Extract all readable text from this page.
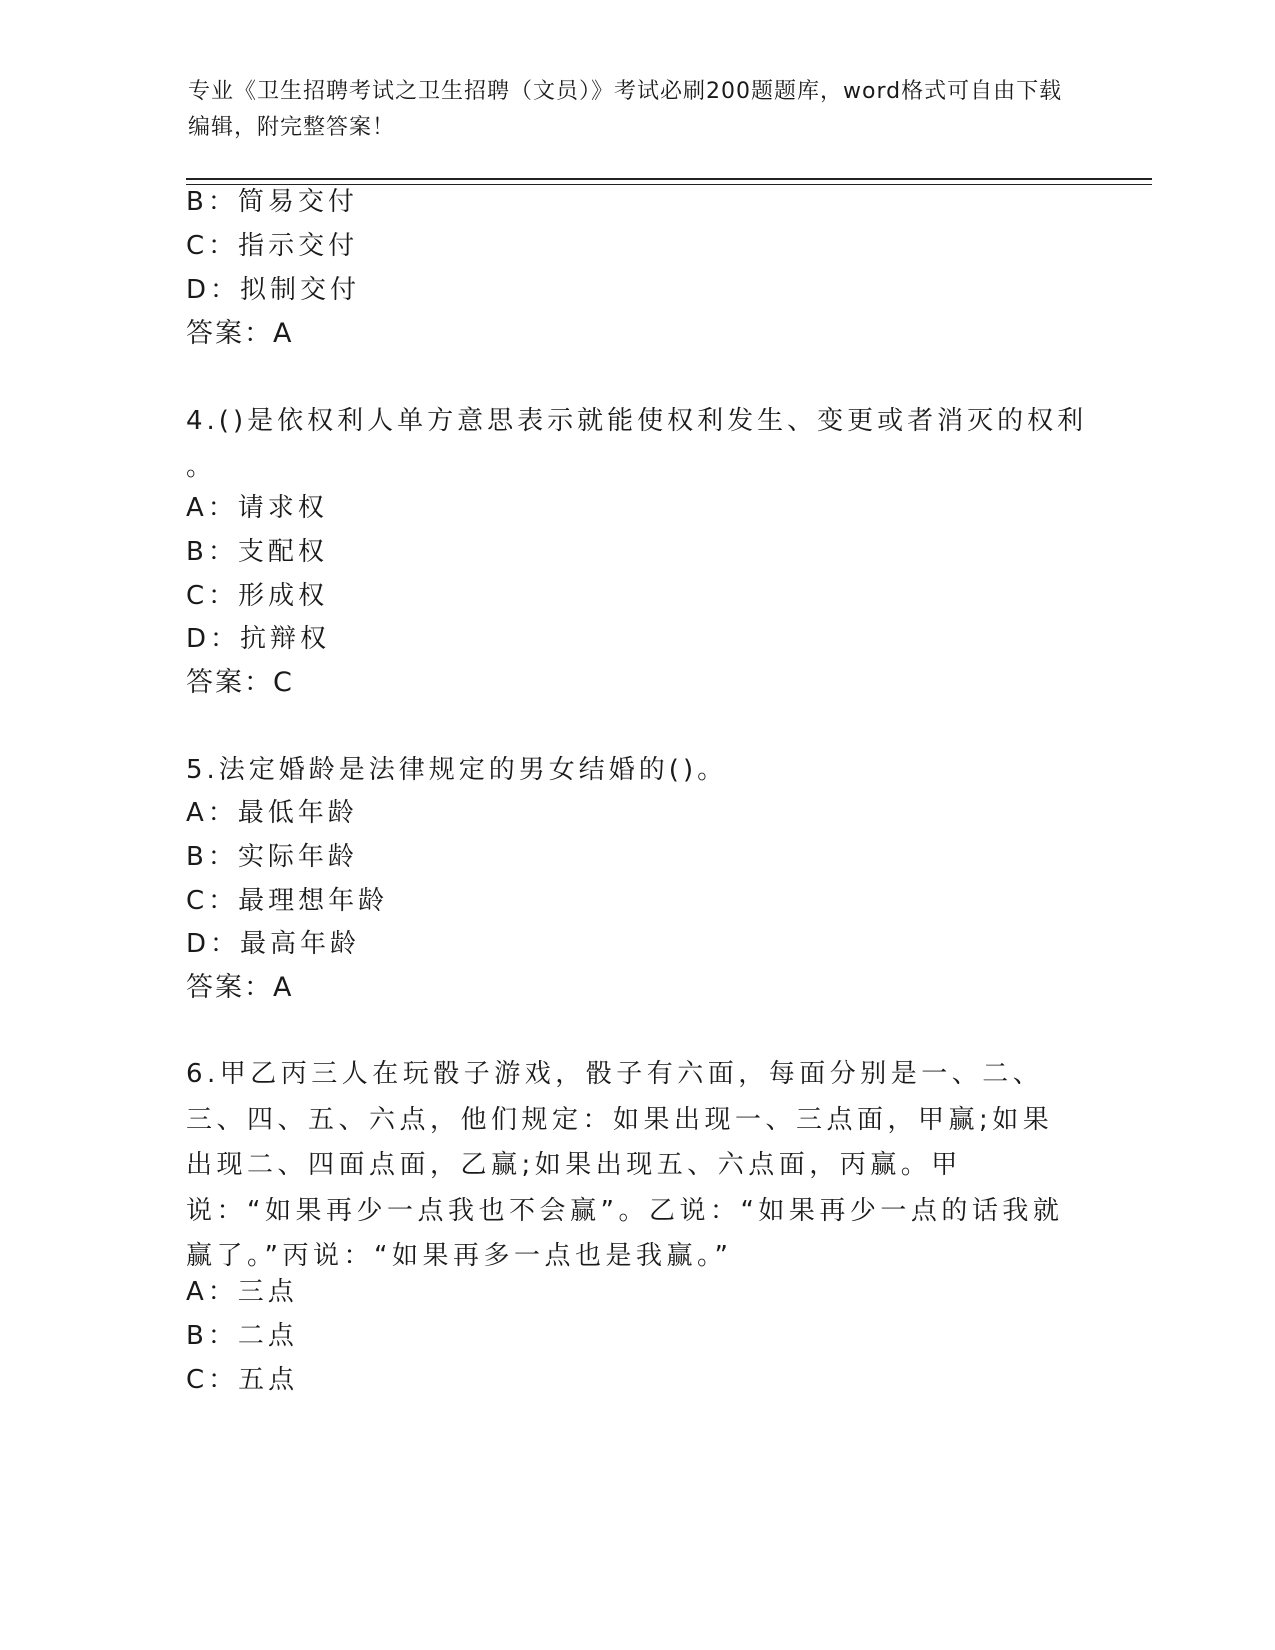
专业《卫生招聘考试之卫生招聘（文员）》考试必刷200题题库，word格式可自由下载编辑，附完整答案！

B：简易交付

C：指示交付

D：拟制交付

答案：A

4.()是依权利人单方意思表示就能使权利发生、变更或者消灭的权利

。

A：请求权

B：支配权

C：形成权

D：抗辩权

答案：C

5.法定婚龄是法律规定的男女结婚的()。

A：最低年龄

B：实际年龄

C：最理想年龄

D：最高年龄

答案：A

6.甲乙丙三人在玩骰子游戏，骰子有六面，每面分别是一、二、三、四、五、六点，他们规定：如果出现一、三点面，甲赢;如果出现二、四面点面，乙赢;如果出现五、六点面，丙赢。甲说：“如果再少一点我也不会赢”。乙说：“如果再少一点的话我就赢了。”丙说：“如果再多一点也是我赢。”

A：三点

B：二点

C：五点
